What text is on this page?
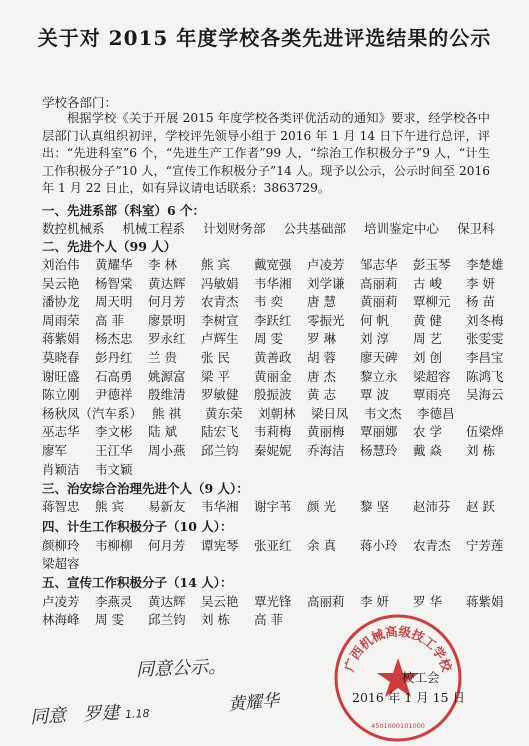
关于对 2015 年度学校各类先进评选结果的公示
学校各部门：
根据学校《关于开展 2015 年度学校各类评优活动的通知》要求，经学校各中层部门认真组织初评，学校评先领导小组于 2016 年 1 月 14 日下午进行总评，评出：“先进科室”6 个，“先进生产工作者”99 人，“综治工作积极分子”9 人，“计生工作积极分子”10 人，“宣传工作积极分子”14 人。现予以公示，公示时间至 2016 年 1 月 22 日止，如有异议请电话联系：3863729。
一、先进系部（科室）6 个：
数控机械系 机械工程系 计划财务部 公共基础部 培训鉴定中心 保卫科
二、先进个人（99 人）
刘治伟 黄耀华 李 林 熊 宾 戴宽强 卢凌芳 邹志华 彭玉琴 李楚雄
吴云艳 杨智棠 黄达辉 冯敏娟 韦华湘 刘学谦 高丽莉 古 峻 李 妍
潘协龙 周天明 何月芳 农青杰 韦 奕 唐 慧 黄丽莉 覃柳元 杨 苗
周雨荣 高 菲 廖景明 李树宣 李跃红 零振光 何 帆 黄 健 刘冬梅
蒋紫娟 杨杰忠 罗永红 卢辉生 周 雯 罗 琳 刘 淳 周 艺 张雯雯
莫晓春 彭丹红 兰 贵 张 民 黄善政 胡 蓉 廖天碑 刘 创 李昌宝
谢旺盛 石高勇 姚源富 梁 平 黄丽金 唐 杰 黎立永 梁超容 陈鸿飞
陈立刚 尹德祥 殷维清 罗敏健 殷振波 黄 志 覃 波 覃雨亮 吴海云
杨秋凤（汽车系） 熊 祺 黄东荣 刘朝林 梁日凤 韦文杰 李德昌
巫志华 李文彬 陆 斌 陆宏飞 韦莉梅 黄丽梅 覃丽娜 农 学 伍梁烨
廖军 王江华 周小燕 邱兰钧 秦妮妮 乔海洁 杨慧玲 戴 焱 刘 栋
肖颖洁 韦文颖
三、治安综合治理先进个人（9 人）：
蒋智忠 熊 宾 易新友 韦华湘 谢宇苇 颜 光 黎 坚 赵沛芬 赵 跃
四、计生工作积极分子（10 人）：
颜柳玲 韦柳柳 何月芳 谭宪琴 张亚红 余 真 蒋小玲 农青杰 宁芳莲
梁超容
五、宣传工作积极分子（14 人）：
卢凌芳 李燕灵 黄达辉 吴云艳 覃光锋 高丽莉 李 妍 罗 华 蒋紫娟
林海峰 周 雯 邱兰钧 刘 栋 高 菲
同意公示。
同意 罗建 1.18	黄耀华
广西机械高级技工学校
4501000101000
校工会
2016 年 1 月 15 日
